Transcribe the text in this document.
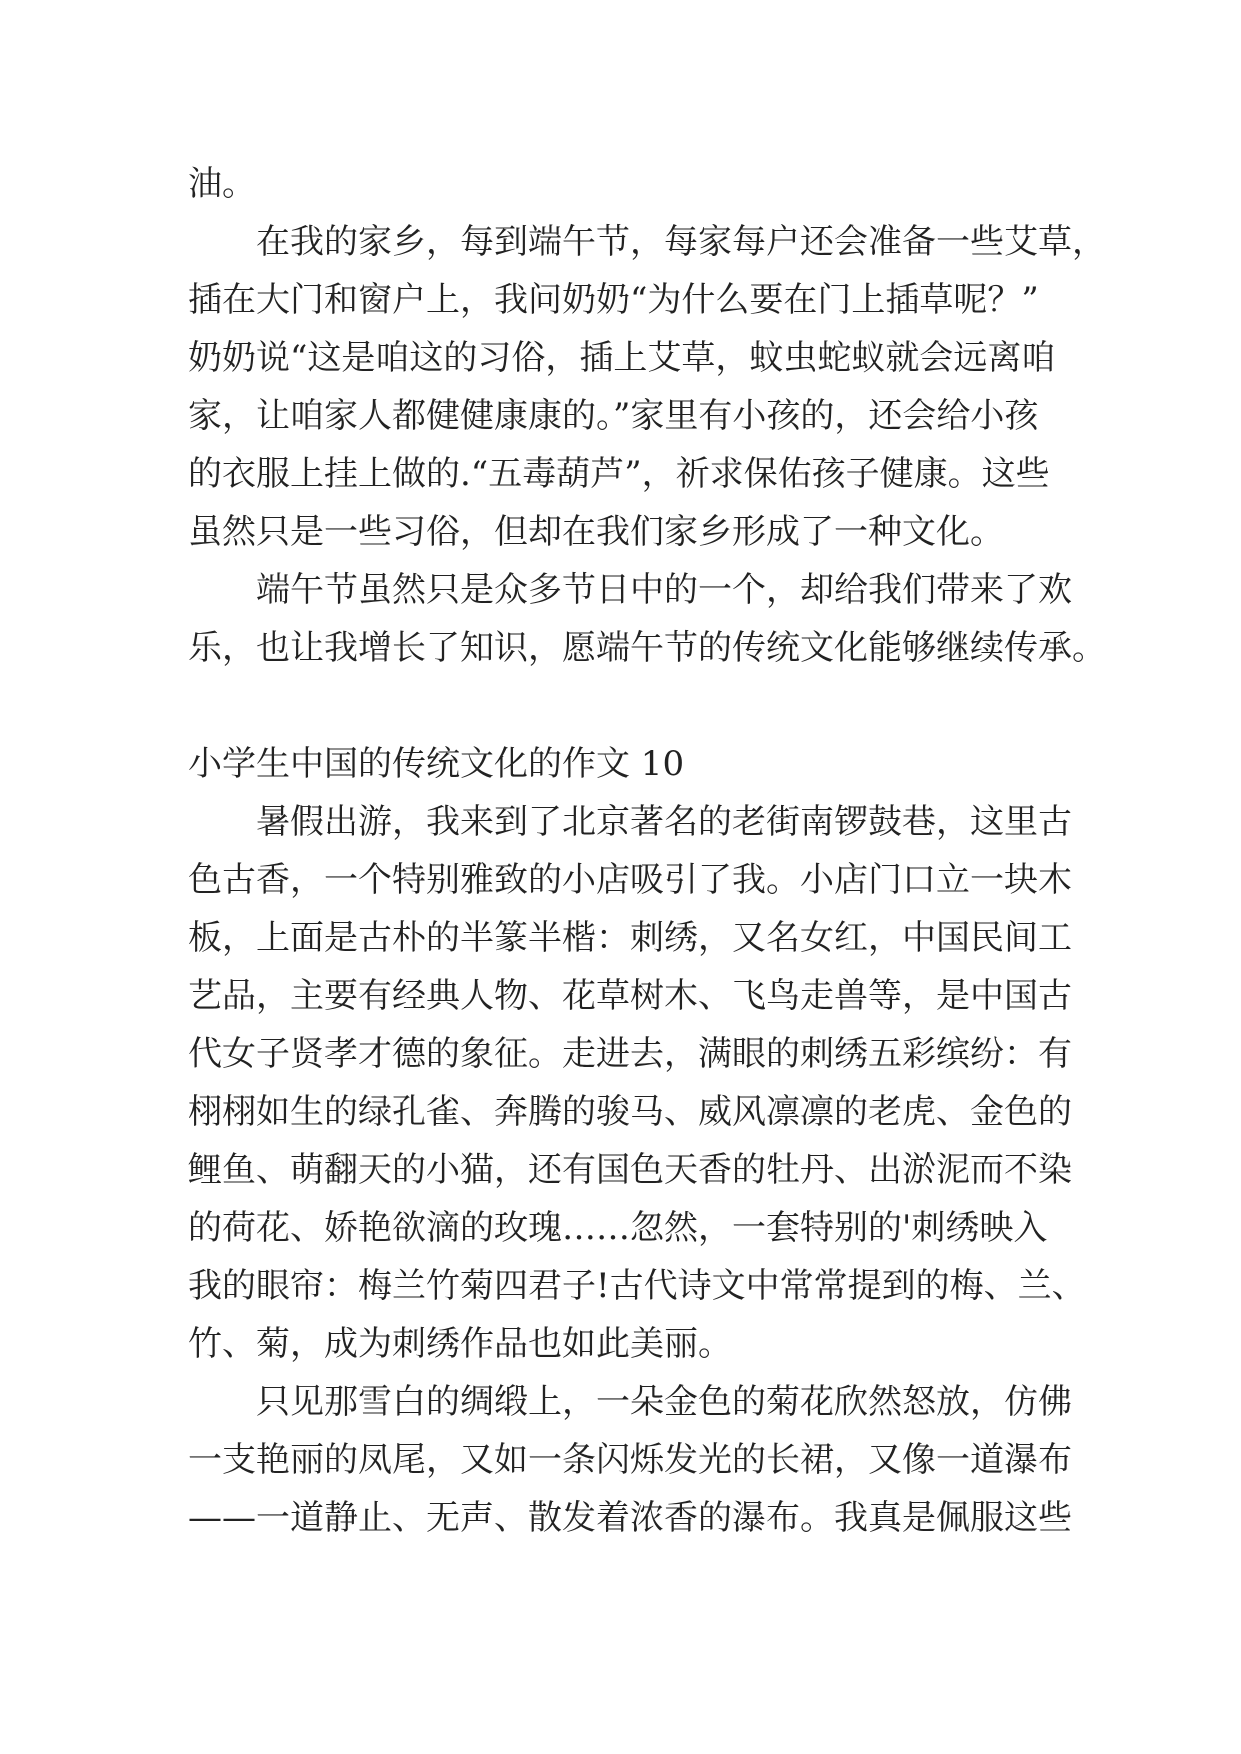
油。
在我的家乡，每到端午节，每家每户还会准备一些艾草，
插在大门和窗户上，我问奶奶“为什么要在门上插草呢？”
奶奶说“这是咱这的习俗，插上艾草，蚊虫蛇蚁就会远离咱
家，让咱家人都健健康康的。”家里有小孩的，还会给小孩
的衣服上挂上做的.“五毒葫芦”，祈求保佑孩子健康。这些
虽然只是一些习俗，但却在我们家乡形成了一种文化。
端午节虽然只是众多节日中的一个，却给我们带来了欢
乐，也让我增长了知识，愿端午节的传统文化能够继续传承。
小学生中国的传统文化的作文 10
暑假出游，我来到了北京著名的老街南锣鼓巷，这里古
色古香，一个特别雅致的小店吸引了我。小店门口立一块木
板，上面是古朴的半篆半楷：刺绣，又名女红，中国民间工
艺品，主要有经典人物、花草树木、飞鸟走兽等，是中国古
代女子贤孝才德的象征。走进去，满眼的刺绣五彩缤纷：有
栩栩如生的绿孔雀、奔腾的骏马、威风凛凛的老虎、金色的
鲤鱼、萌翻天的小猫，还有国色天香的牡丹、出淤泥而不染
的荷花、娇艳欲滴的玫瑰……忽然，一套特别的'刺绣映入
我的眼帘：梅兰竹菊四君子!古代诗文中常常提到的梅、兰、
竹、菊，成为刺绣作品也如此美丽。
只见那雪白的绸缎上，一朵金色的菊花欣然怒放，仿佛
一支艳丽的凤尾，又如一条闪烁发光的长裙，又像一道瀑布
——一道静止、无声、散发着浓香的瀑布。我真是佩服这些
